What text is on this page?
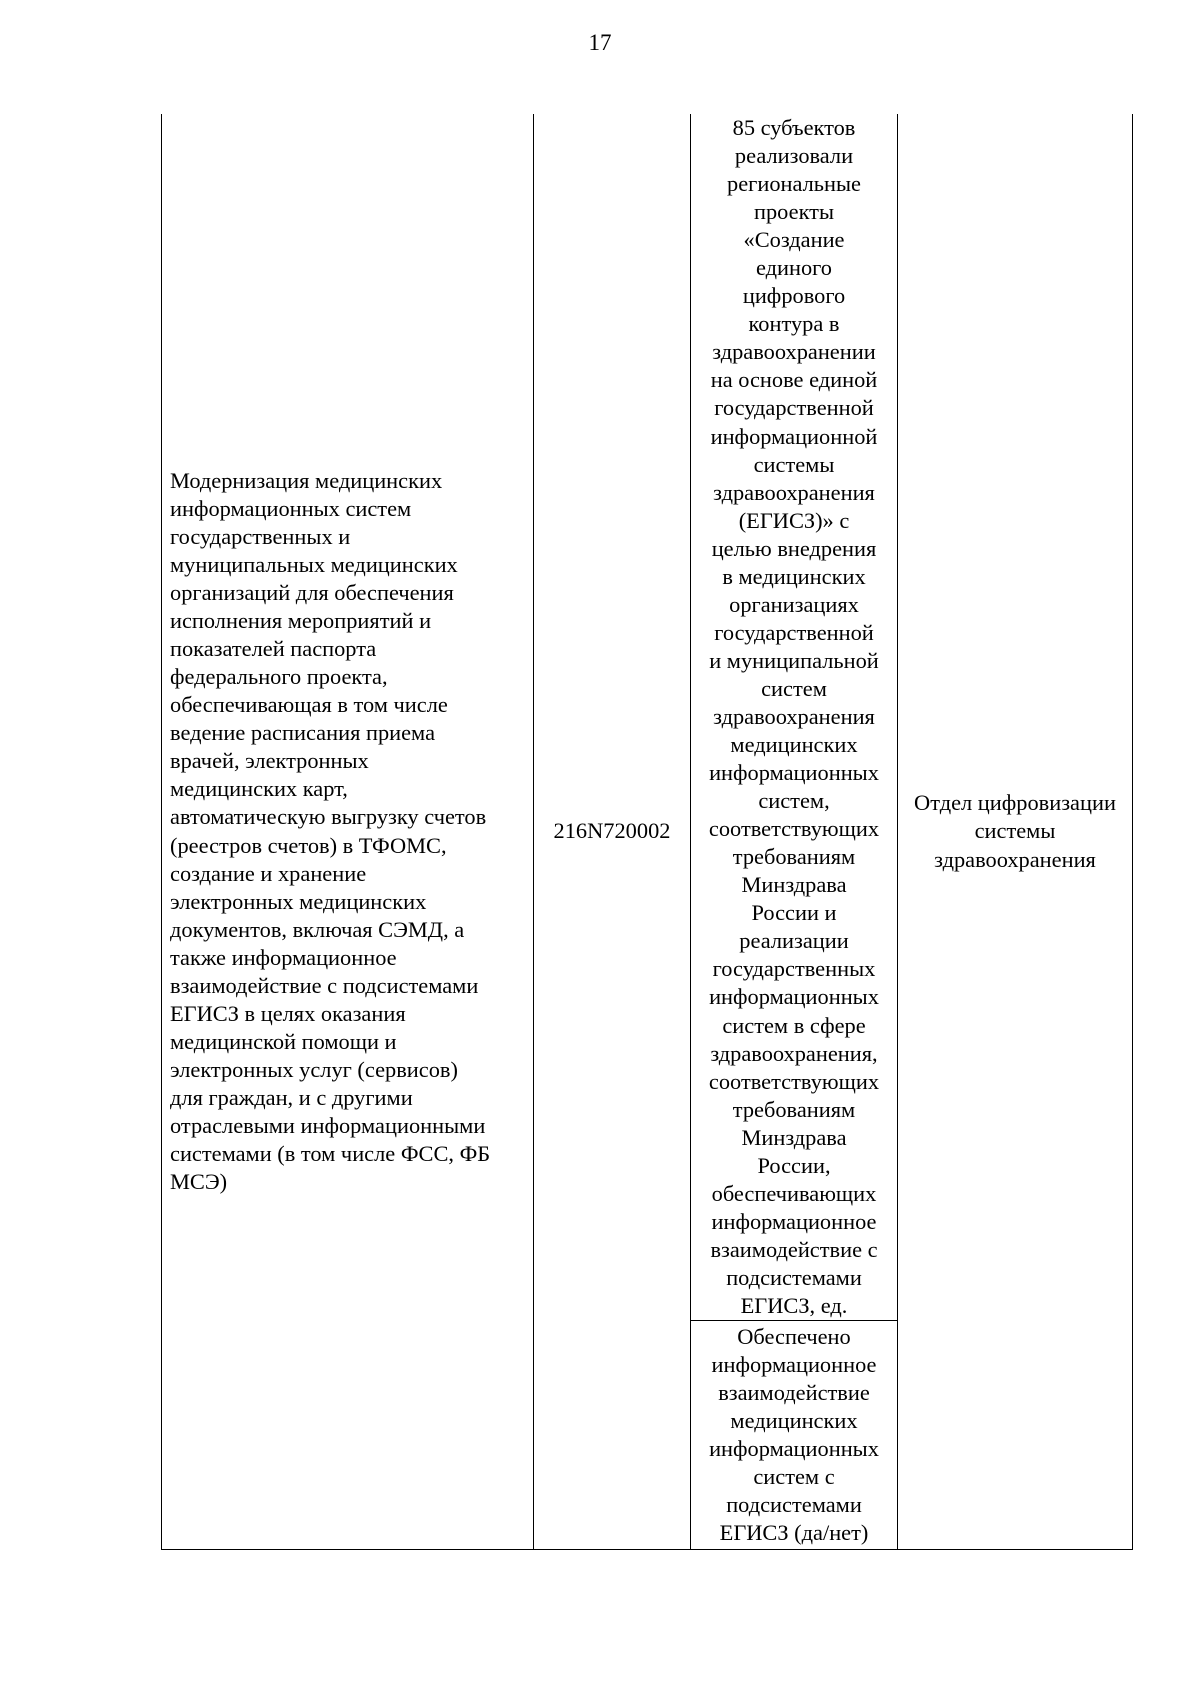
17
Модернизация медицинских
информационных систем
государственных и
муниципальных медицинских
организаций для обеспечения
исполнения мероприятий и
показателей паспорта
федерального проекта,
обеспечивающая в том числе
ведение расписания приема
врачей, электронных
медицинских карт,
автоматическую выгрузку счетов
(реестров счетов) в ТФОМС,
создание и хранение
электронных медицинских
документов, включая СЭМД, а
также информационное
взаимодействие с подсистемами
ЕГИСЗ в целях оказания
медицинской помощи и
электронных услуг (сервисов)
для граждан, и с другими
отраслевыми информационными
системами (в том числе ФСС, ФБ
МСЭ)	216N720002	85 субъектов
реализовали
региональные
проекты
«Создание
единого
цифрового
контура в
здравоохранении
на основе единой
государственной
информационной
системы
здравоохранения
(ЕГИСЗ)» с
целью внедрения
в медицинских
организациях
государственной
и муниципальной
систем
здравоохранения
медицинских
информационных
систем,
соответствующих
требованиям
Минздрава
России и
реализации
государственных
информационных
систем в сфере
здравоохранения,
соответствующих
требованиям
Минздрава
России,
обеспечивающих
информационное
взаимодействие с
подсистемами
ЕГИСЗ, ед.	Отдел цифровизации системы здравоохранения
Обеспечено
информационное
взаимодействие
медицинских
информационных
систем с
подсистемами
ЕГИСЗ (да/нет)
